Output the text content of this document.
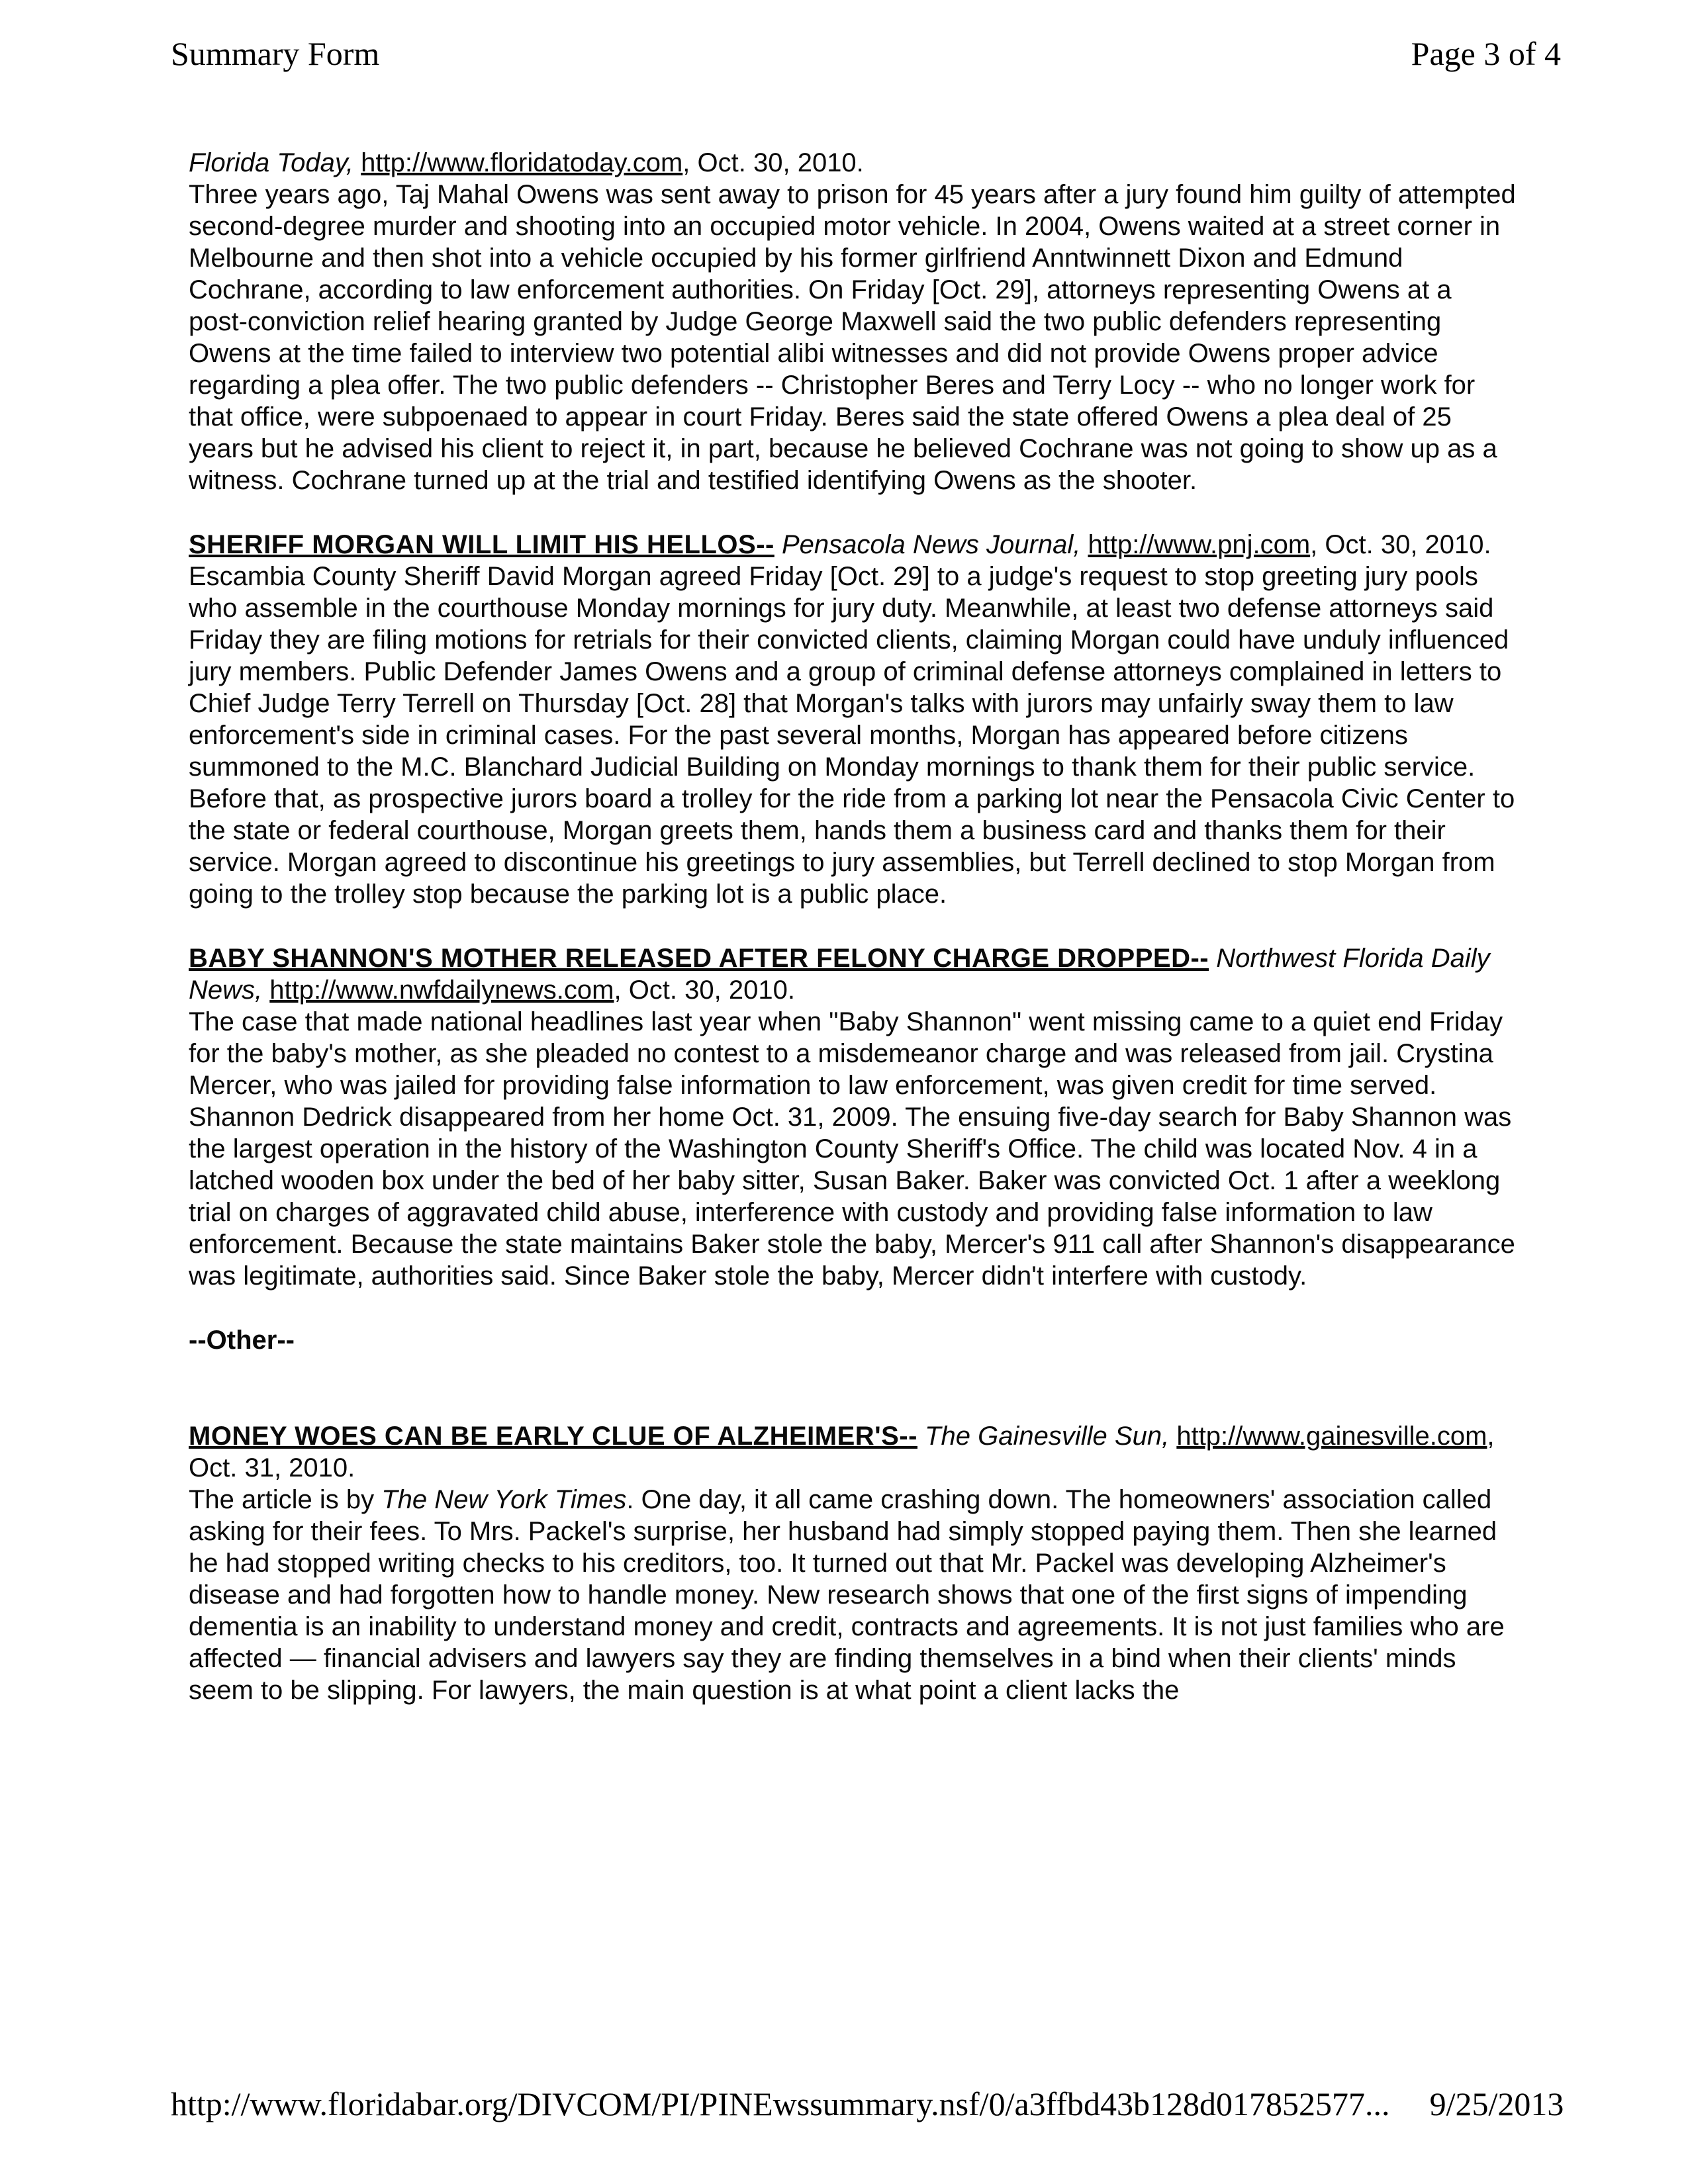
Summary Form	Page 3 of 4

Florida Today, http://www.floridatoday.com, Oct. 30, 2010.

Three years ago, Taj Mahal Owens was sent away to prison for 45 years after a jury found him guilty of attempted second-degree murder and shooting into an occupied motor vehicle. In 2004, Owens waited at a street corner in Melbourne and then shot into a vehicle occupied by his former girlfriend Anntwinnett Dixon and Edmund Cochrane, according to law enforcement authorities. On Friday [Oct. 29], attorneys representing Owens at a post-conviction relief hearing granted by Judge George Maxwell said the two public defenders representing Owens at the time failed to interview two potential alibi witnesses and did not provide Owens proper advice regarding a plea offer. The two public defenders -- Christopher Beres and Terry Locy -- who no longer work for that office, were subpoenaed to appear in court Friday. Beres said the state offered Owens a plea deal of 25 years but he advised his client to reject it, in part, because he believed Cochrane was not going to show up as a witness. Cochrane turned up at the trial and testified identifying Owens as the shooter.

SHERIFF MORGAN WILL LIMIT HIS HELLOS-- Pensacola News Journal, http://www.pnj.com, Oct. 30, 2010.

Escambia County Sheriff David Morgan agreed Friday [Oct. 29] to a judge's request to stop greeting jury pools who assemble in the courthouse Monday mornings for jury duty. Meanwhile, at least two defense attorneys said Friday they are filing motions for retrials for their convicted clients, claiming Morgan could have unduly influenced jury members. Public Defender James Owens and a group of criminal defense attorneys complained in letters to Chief Judge Terry Terrell on Thursday [Oct. 28] that Morgan's talks with jurors may unfairly sway them to law enforcement's side in criminal cases. For the past several months, Morgan has appeared before citizens summoned to the M.C. Blanchard Judicial Building on Monday mornings to thank them for their public service. Before that, as prospective jurors board a trolley for the ride from a parking lot near the Pensacola Civic Center to the state or federal courthouse, Morgan greets them, hands them a business card and thanks them for their service. Morgan agreed to discontinue his greetings to jury assemblies, but Terrell declined to stop Morgan from going to the trolley stop because the parking lot is a public place.

BABY SHANNON'S MOTHER RELEASED AFTER FELONY CHARGE DROPPED-- Northwest Florida Daily News, http://www.nwfdailynews.com, Oct. 30, 2010.

The case that made national headlines last year when "Baby Shannon" went missing came to a quiet end Friday for the baby's mother, as she pleaded no contest to a misdemeanor charge and was released from jail. Crystina Mercer, who was jailed for providing false information to law enforcement, was given credit for time served. Shannon Dedrick disappeared from her home Oct. 31, 2009. The ensuing five-day search for Baby Shannon was the largest operation in the history of the Washington County Sheriff's Office. The child was located Nov. 4 in a latched wooden box under the bed of her baby sitter, Susan Baker. Baker was convicted Oct. 1 after a weeklong trial on charges of aggravated child abuse, interference with custody and providing false information to law enforcement. Because the state maintains Baker stole the baby, Mercer's 911 call after Shannon's disappearance was legitimate, authorities said. Since Baker stole the baby, Mercer didn't interfere with custody.

--Other--

MONEY WOES CAN BE EARLY CLUE OF ALZHEIMER'S-- The Gainesville Sun, http://www.gainesville.com, Oct. 31, 2010.

The article is by The New York Times. One day, it all came crashing down. The homeowners' association called asking for their fees. To Mrs. Packel's surprise, her husband had simply stopped paying them. Then she learned he had stopped writing checks to his creditors, too. It turned out that Mr. Packel was developing Alzheimer's disease and had forgotten how to handle money. New research shows that one of the first signs of impending dementia is an inability to understand money and credit, contracts and agreements. It is not just families who are affected — financial advisers and lawyers say they are finding themselves in a bind when their clients' minds seem to be slipping. For lawyers, the main question is at what point a client lacks the

http://www.floridabar.org/DIVCOM/PI/PINEwssummary.nsf/0/a3ffbd43b128d017852577... 9/25/2013
